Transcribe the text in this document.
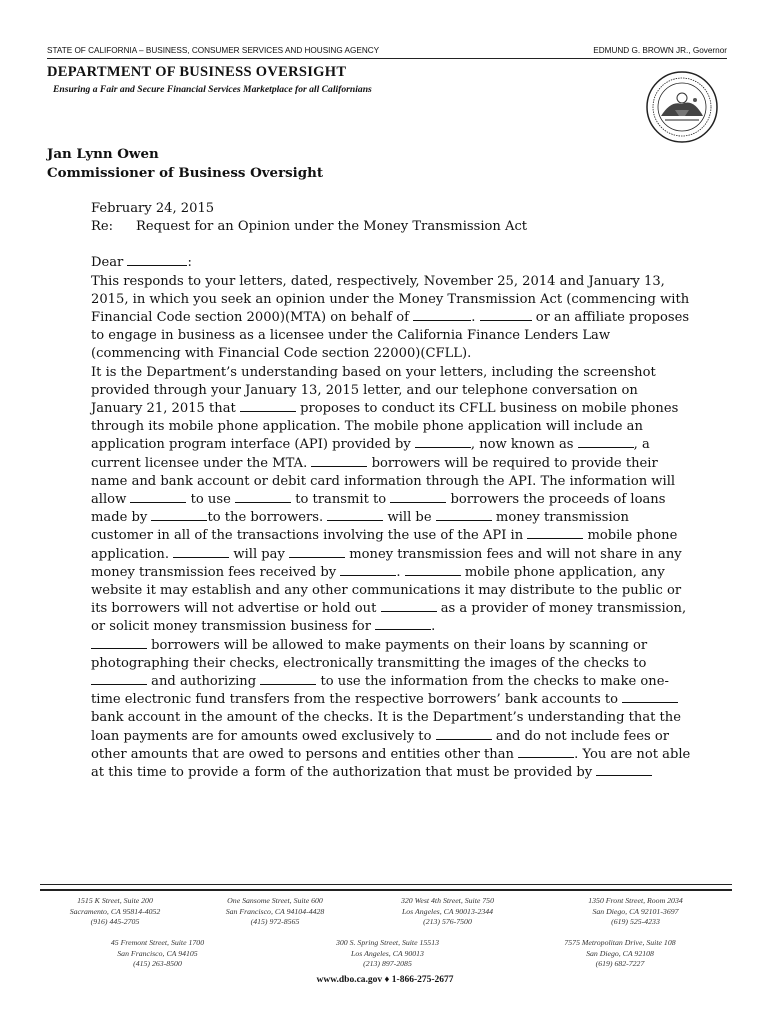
STATE OF CALIFORNIA – BUSINESS, CONSUMER SERVICES AND HOUSING AGENCY	EDMUND G. BROWN JR., Governor
DEPARTMENT OF BUSINESS OVERSIGHT
Ensuring a Fair and Secure Financial Services Marketplace for all Californians
Jan Lynn Owen
Commissioner of Business Oversight

February 24, 2015

Re:	Request for an Opinion under the Money Transmission Act

Dear	:

This responds to your letters, dated, respectively, November 25, 2014 and January 13, 2015, in which you seek an opinion under the Money Transmission Act (commencing with Financial Code section 2000)(MTA) on behalf of	.	or an affiliate proposes to engage in business as a licensee under the California Finance Lenders Law (commencing with Financial Code section 22000)(CFLL).

It is the Department’s understanding based on your letters, including the screenshot provided through your January 13, 2015 letter, and our telephone conversation on January 21, 2015 that	proposes to conduct its CFLL business on mobile phones through its mobile phone application. The mobile phone application will include an application program interface (API) provided by	, now known as	, a current licensee under the MTA.	borrowers will be required to provide their name and bank account or debit card information through the API. The information will allow	to use	to transmit to	borrowers the proceeds of loans made by	to the borrowers.	will be	money transmission customer in all of the transactions involving the use of the API in	mobile phone application.	will pay	money transmission fees and will not share in any money transmission fees received by	.	mobile phone application, any website it may establish and any other communications it may distribute to the public or its borrowers will not advertise or hold out	as a provider of money transmission, or solicit money transmission business for	.

borrowers will be allowed to make payments on their loans by scanning or photographing their checks, electronically transmitting the images of the checks to  and authorizing	to use the information from the checks to make one-time electronic fund transfers from the respective borrowers’ bank accounts to  bank account in the amount of the checks. It is the Department’s understanding that the loan payments are for amounts owed exclusively to	and do not include fees or other amounts that are owed to persons and entities other than	. You are not able at this time to provide a form of the authorization that must be provided by

1515 K Street, Suite 200
Sacramento, CA 95814-4052
(916) 445-2705
One Sansome Street, Suite 600
San Francisco, CA 94104-4428
(415) 972-8565
320 West 4th Street, Suite 750
Los Angeles, CA 90013-2344
(213) 576-7500
1350 Front Street, Room 2034
San Diego, CA 92101-3697
(619) 525-4233
45 Fremont Street, Suite 1700
San Francisco, CA 94105
(415) 263-8500
300 S. Spring Street, Suite 15513
Los Angeles, CA 90013
(213) 897-2085
7575 Metropolitan Drive, Suite 108
San Diego, CA 92108
(619) 682-7227
www.dbo.ca.gov ♦ 1-866-275-2677
